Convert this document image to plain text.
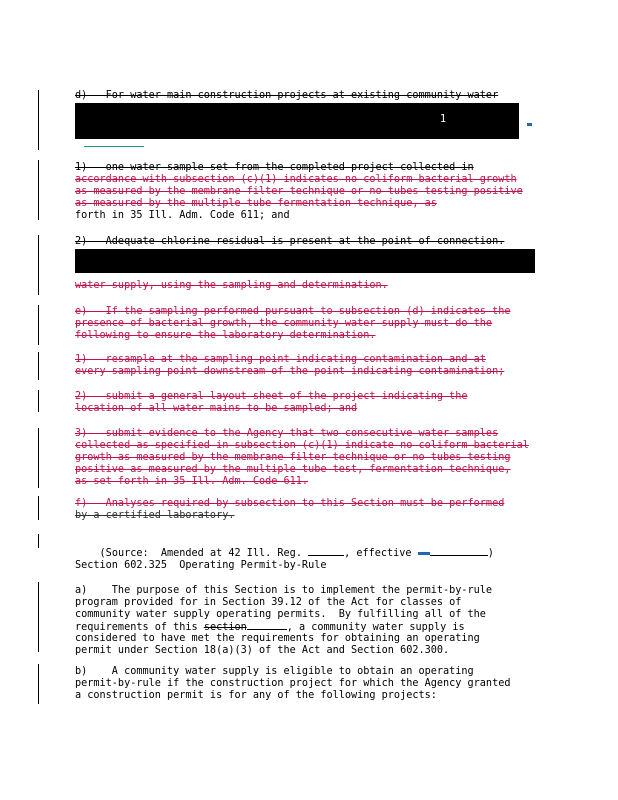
d)   For water main construction projects at existing community water
1
1)   one water sample set from the completed project collected in
accordance with subsection (c)(1) indicates no coliform bacterial growth
as measured by the membrane filter technique or no tubes testing positive
as measured by the multiple tube fermentation technique, as
forth in 35 Ill. Adm. Code 611; and
2)   Adequate chlorine residual is present at the point of connection.
water supply, using the sampling and determination.
e)   If the sampling performed pursuant to subsection (d) indicates the
presence of bacterial growth, the community water supply must do the
following to ensure the laboratory determination.
1)   resample at the sampling point indicating contamination and at
every sampling point downstream of the point indicating contamination;
2)   submit a general layout sheet of the project indicating the
location of all water mains to be sampled; and
3)   submit evidence to the Agency that two consecutive water samples
collected as specified in subsection (c)(1) indicate no coliform bacterial
growth as measured by the membrane filter technique or no tubes testing
positive as measured by the multiple tube test, fermentation technique,
as set forth in 35 Ill. Adm. Code 611.
f)   Analyses required by subsection to this Section must be performed
by a certified laboratory.

(Source:  Amended at 42 Ill. Reg.	, effective	)

Section 602.325  Operating Permit-by-Rule
a)    The purpose of this Section is to implement the permit-by-rule
program provided for in Section 39.12 of the Act for classes of
community water supply operating permits.  By fulfilling all of the
requirements of this section	, a community water supply is
considered to have met the requirements for obtaining an operating
permit under Section 18(a)(3) of the Act and Section 602.300.
b)    A community water supply is eligible to obtain an operating
permit-by-rule if the construction project for which the Agency granted
a construction permit is for any of the following projects:
